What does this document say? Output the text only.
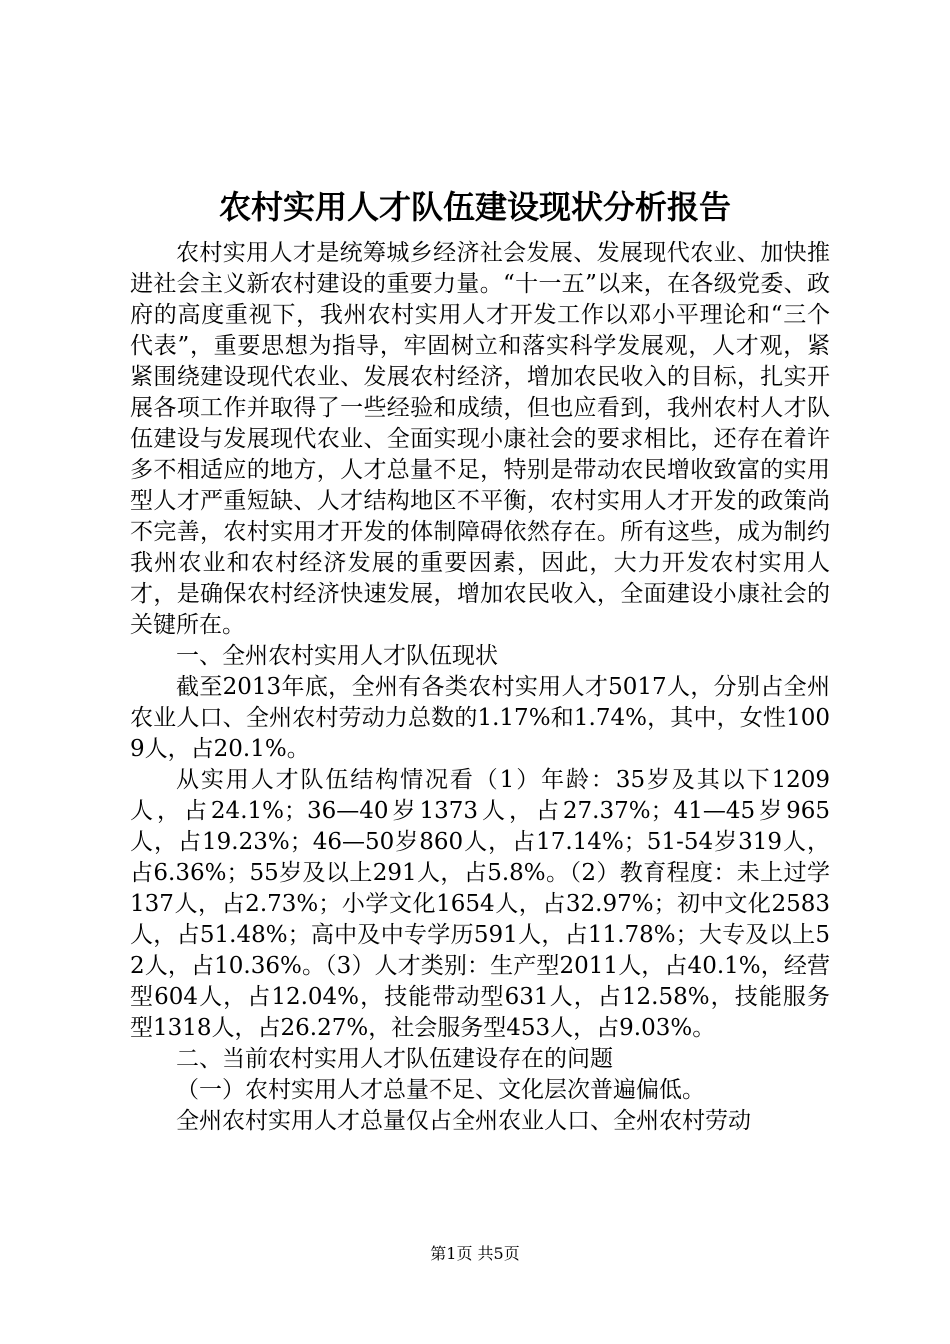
农村实用人才队伍建设现状分析报告

农村实用人才是统筹城乡经济社会发展、发展现代农业、加快推进社会主义新农村建设的重要力量。“十一五”以来，在各级党委、政府的高度重视下，我州农村实用人才开发工作以邓小平理论和“三个代表”，重要思想为指导，牢固树立和落实科学发展观，人才观，紧紧围绕建设现代农业、发展农村经济，增加农民收入的目标，扎实开展各项工作并取得了一些经验和成绩，但也应看到，我州农村人才队伍建设与发展现代农业、全面实现小康社会的要求相比，还存在着许多不相适应的地方，人才总量不足，特别是带动农民增收致富的实用型人才严重短缺、人才结构地区不平衡，农村实用人才开发的政策尚不完善，农村实用才开发的体制障碍依然存在。所有这些，成为制约我州农业和农村经济发展的重要因素，因此，大力开发农村实用人才，是确保农村经济快速发展，增加农民收入，全面建设小康社会的关键所在。

一、全州农村实用人才队伍现状

截至2013年底，全州有各类农村实用人才5017人，分别占全州农业人口、全州农村劳动力总数的1.17%和1.74%，其中，女性1009人，占20.1%。

从实用人才队伍结构情况看（1）年龄：35岁及其以下1209人，占24.1%；36—40岁1373人，占27.37%；41—45岁965人，占19.23%；46—50岁860人，占17.14%；51-54岁319人，占6.36%；55岁及以上291人，占5.8%。（2）教育程度：未上过学137人，占2.73%；小学文化1654人，占32.97%；初中文化2583人，占51.48%；高中及中专学历591人，占11.78%；大专及以上52人，占10.36%。（3）人才类别：生产型2011人，占40.1%，经营型604人，占12.04%，技能带动型631人，占12.58%，技能服务型1318人，占26.27%，社会服务型453人，占9.03%。

二、当前农村实用人才队伍建设存在的问题

（一）农村实用人才总量不足、文化层次普遍偏低。

全州农村实用人才总量仅占全州农业人口、全州农村劳动

第1页 共5页
